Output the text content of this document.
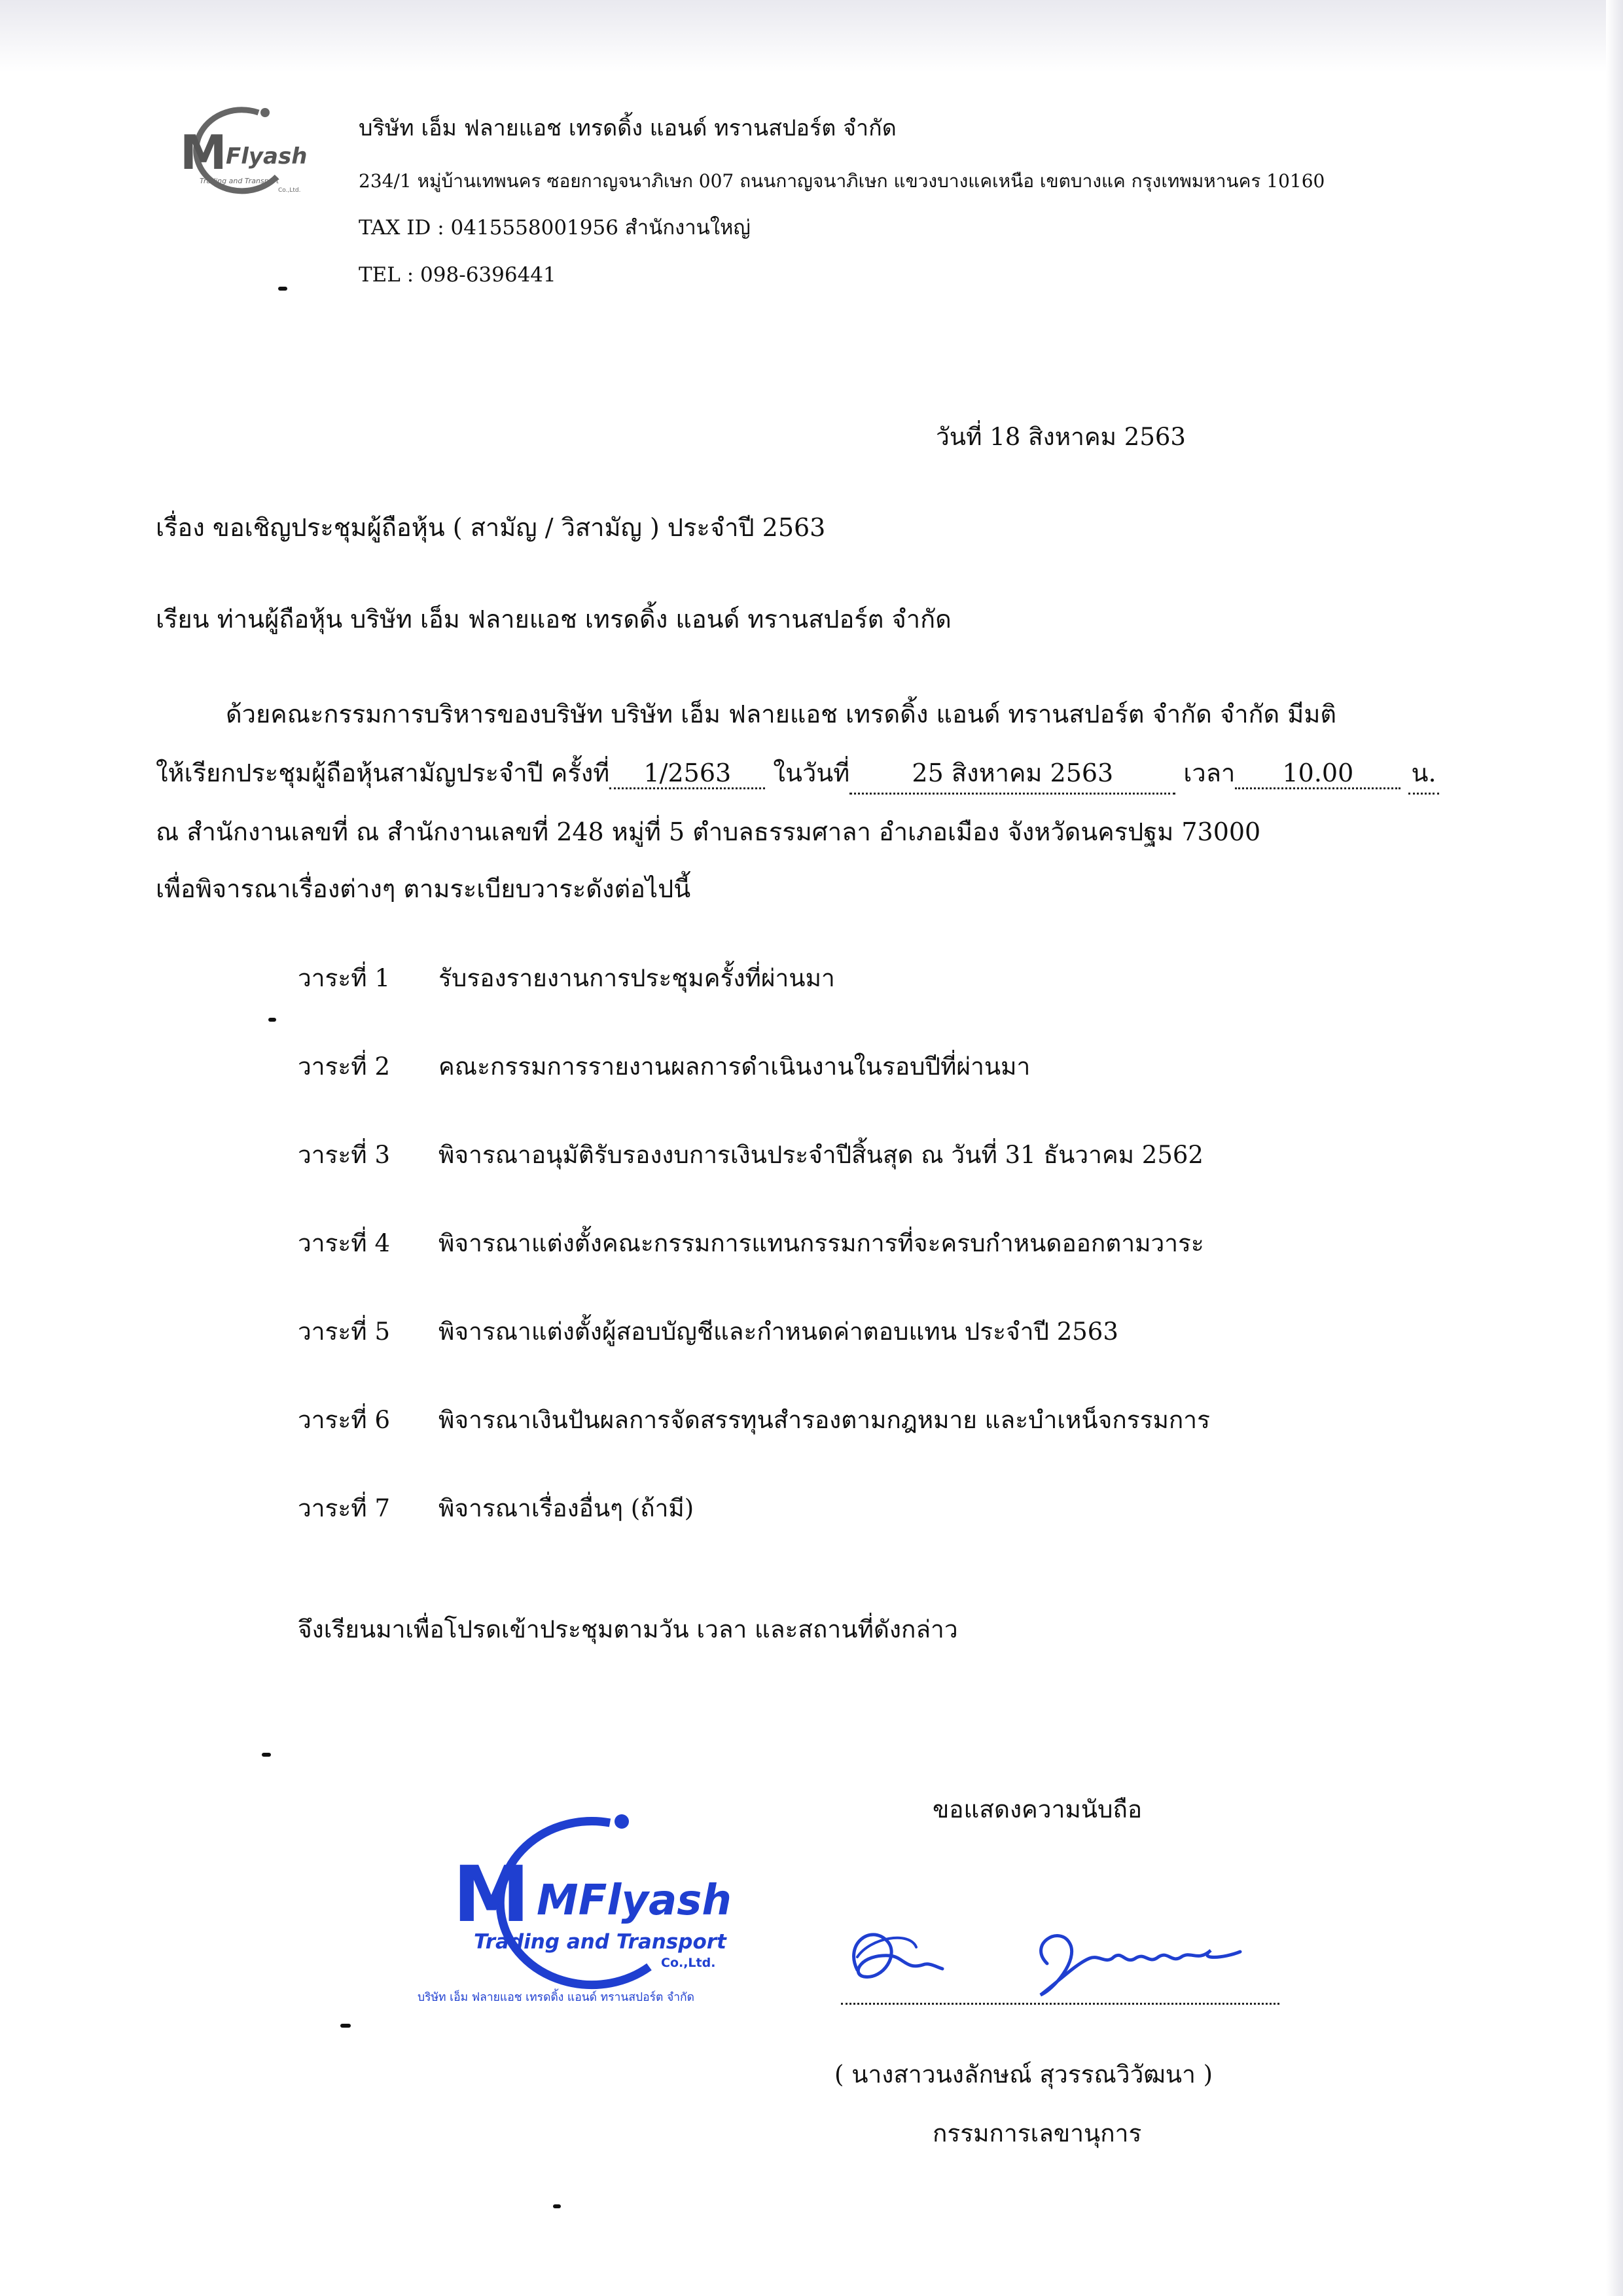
M
Flyash
Trading and Transport
Co.,Ltd.
บริษัท เอ็ม ฟลายแอช เทรดดิ้ง แอนด์ ทรานสปอร์ต จำกัด
234/1 หมู่บ้านเทพนคร ซอยกาญจนาภิเษก 007 ถนนกาญจนาภิเษก แขวงบางแคเหนือ เขตบางแค กรุงเทพมหานคร 10160
TAX ID : 0415558001956 สำนักงานใหญ่
TEL : 098-6396441
วันที่ 18 สิงหาคม 2563
เรื่อง ขอเชิญประชุมผู้ถือหุ้น ( สามัญ / วิสามัญ ) ประจำปี 2563
เรียน ท่านผู้ถือหุ้น บริษัท เอ็ม ฟลายแอช เทรดดิ้ง แอนด์ ทรานสปอร์ต จำกัด
ด้วยคณะกรรมการบริหารของบริษัท บริษัท เอ็ม ฟลายแอช เทรดดิ้ง แอนด์ ทรานสปอร์ต จำกัด จำกัด มีมติ
ให้เรียกประชุมผู้ถือหุ้นสามัญประจำปี ครั้งที่ 1/2563 ในวันที่	25 สิงหาคม 2563	เวลา 10.00 น.
ณ สำนักงานเลขที่ ณ สำนักงานเลขที่ 248 หมู่ที่ 5 ตำบลธรรมศาลา อำเภอเมือง จังหวัดนครปฐม 73000
เพื่อพิจารณาเรื่องต่างๆ ตามระเบียบวาระดังต่อไปนี้
วาระที่ 1 รับรองรายงานการประชุมครั้งที่ผ่านมา
วาระที่ 2 คณะกรรมการรายงานผลการดำเนินงานในรอบปีที่ผ่านมา
วาระที่ 3 พิจารณาอนุมัติรับรองงบการเงินประจำปีสิ้นสุด ณ วันที่ 31 ธันวาคม 2562
วาระที่ 4 พิจารณาแต่งตั้งคณะกรรมการแทนกรรมการที่จะครบกำหนดออกตามวาระ
วาระที่ 5 พิจารณาแต่งตั้งผู้สอบบัญชีและกำหนดค่าตอบแทน ประจำปี 2563
วาระที่ 6 พิจารณาเงินปันผลการจัดสรรทุนสำรองตามกฎหมาย และบำเหน็จกรรมการ
วาระที่ 7 พิจารณาเรื่องอื่นๆ (ถ้ามี)
จึงเรียนมาเพื่อโปรดเข้าประชุมตามวัน เวลา และสถานที่ดังกล่าว
ขอแสดงความนับถือ
M MFlyash
Trading and Transport
Co.,Ltd.
บริษัท เอ็ม ฟลายแอช เทรดดิ้ง แอนด์ ทรานสปอร์ต จำกัด
( นางสาวนงลักษณ์ สุวรรณวิวัฒนา )
กรรมการเลขานุการ
